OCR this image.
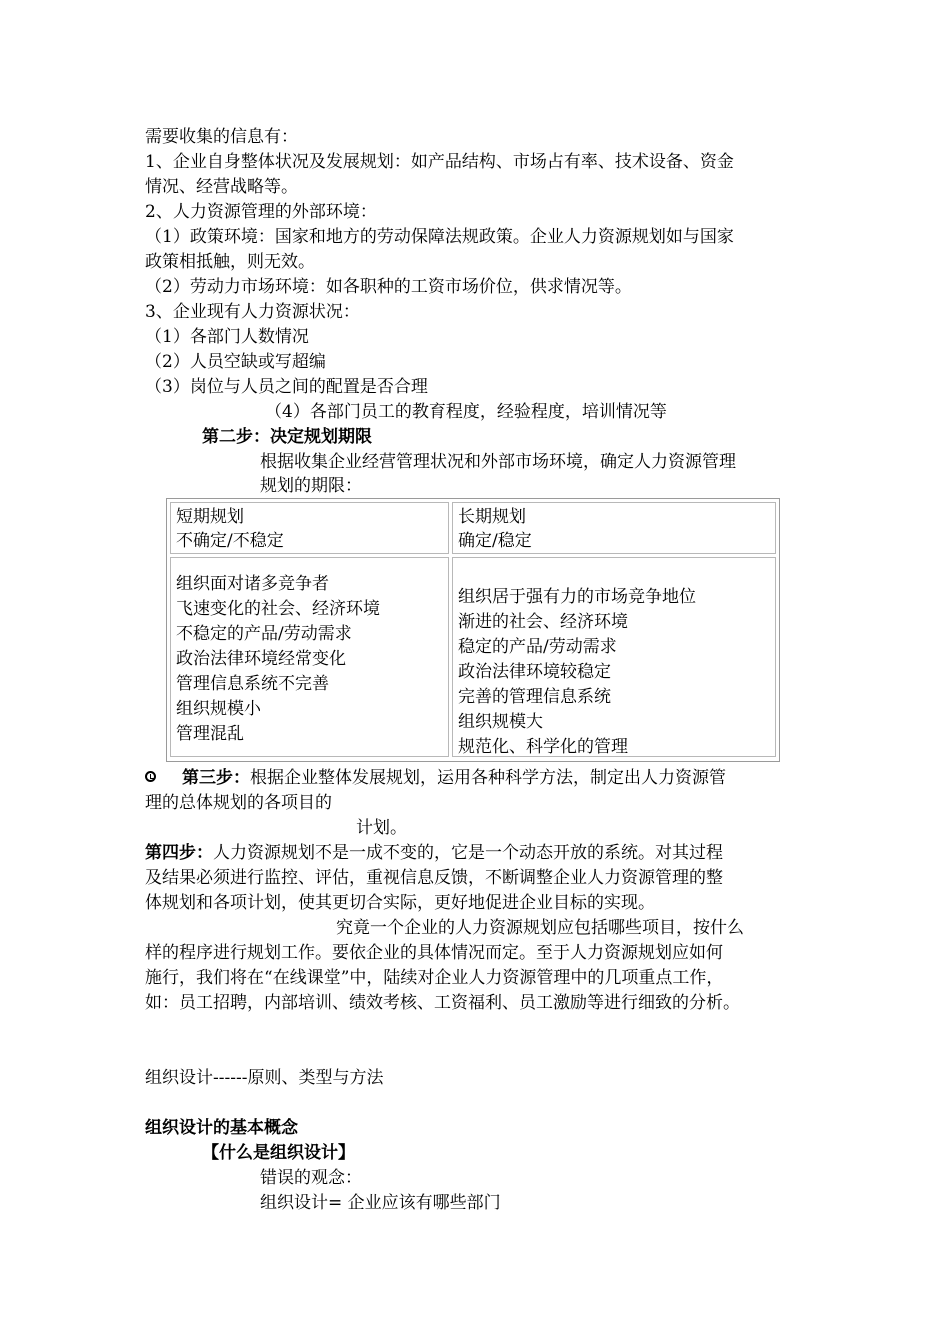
需要收集的信息有：
1、企业自身整体状况及发展规划：如产品结构、市场占有率、技术设备、资金
情况、经营战略等。
2、人力资源管理的外部环境：
（1）政策环境：国家和地方的劳动保障法规政策。企业人力资源规划如与国家
政策相抵触，则无效。
（2）劳动力市场环境：如各职种的工资市场价位，供求情况等。
3、企业现有人力资源状况：
（1）各部门人数情况
（2）人员空缺或写超编
（3）岗位与人员之间的配置是否合理
（4）各部门员工的教育程度，经验程度，培训情况等
第二步：决定规划期限
根据收集企业经营管理状况和外部市场环境，确定人力资源管理
规划的期限：
短期规划
不确定/不稳定
长期规划
确定/稳定
组织面对诸多竞争者
飞速变化的社会、经济环境
不稳定的产品/劳动需求
政治法律环境经常变化
管理信息系统不完善
组织规模小
管理混乱
组织居于强有力的市场竞争地位
渐进的社会、经济环境
稳定的产品/劳动需求
政治法律环境较稳定
完善的管理信息系统
组织规模大
规范化、科学化的管理
第三步：根据企业整体发展规划，运用各种科学方法，制定出人力资源管
理的总体规划的各项目的
计划。
第四步：人力资源规划不是一成不变的，它是一个动态开放的系统。对其过程
及结果必须进行监控、评估，重视信息反馈，不断调整企业人力资源管理的整
体规划和各项计划，使其更切合实际，更好地促进企业目标的实现。
究竟一个企业的人力资源规划应包括哪些项目，按什么
样的程序进行规划工作。要依企业的具体情况而定。至于人力资源规划应如何
施行，我们将在“在线课堂”中，陆续对企业人力资源管理中的几项重点工作，
如：员工招聘，内部培训、绩效考核、工资福利、员工激励等进行细致的分析。
组织设计------原则、类型与方法
组织设计的基本概念
【什么是组织设计】
错误的观念：
组织设计= 企业应该有哪些部门
